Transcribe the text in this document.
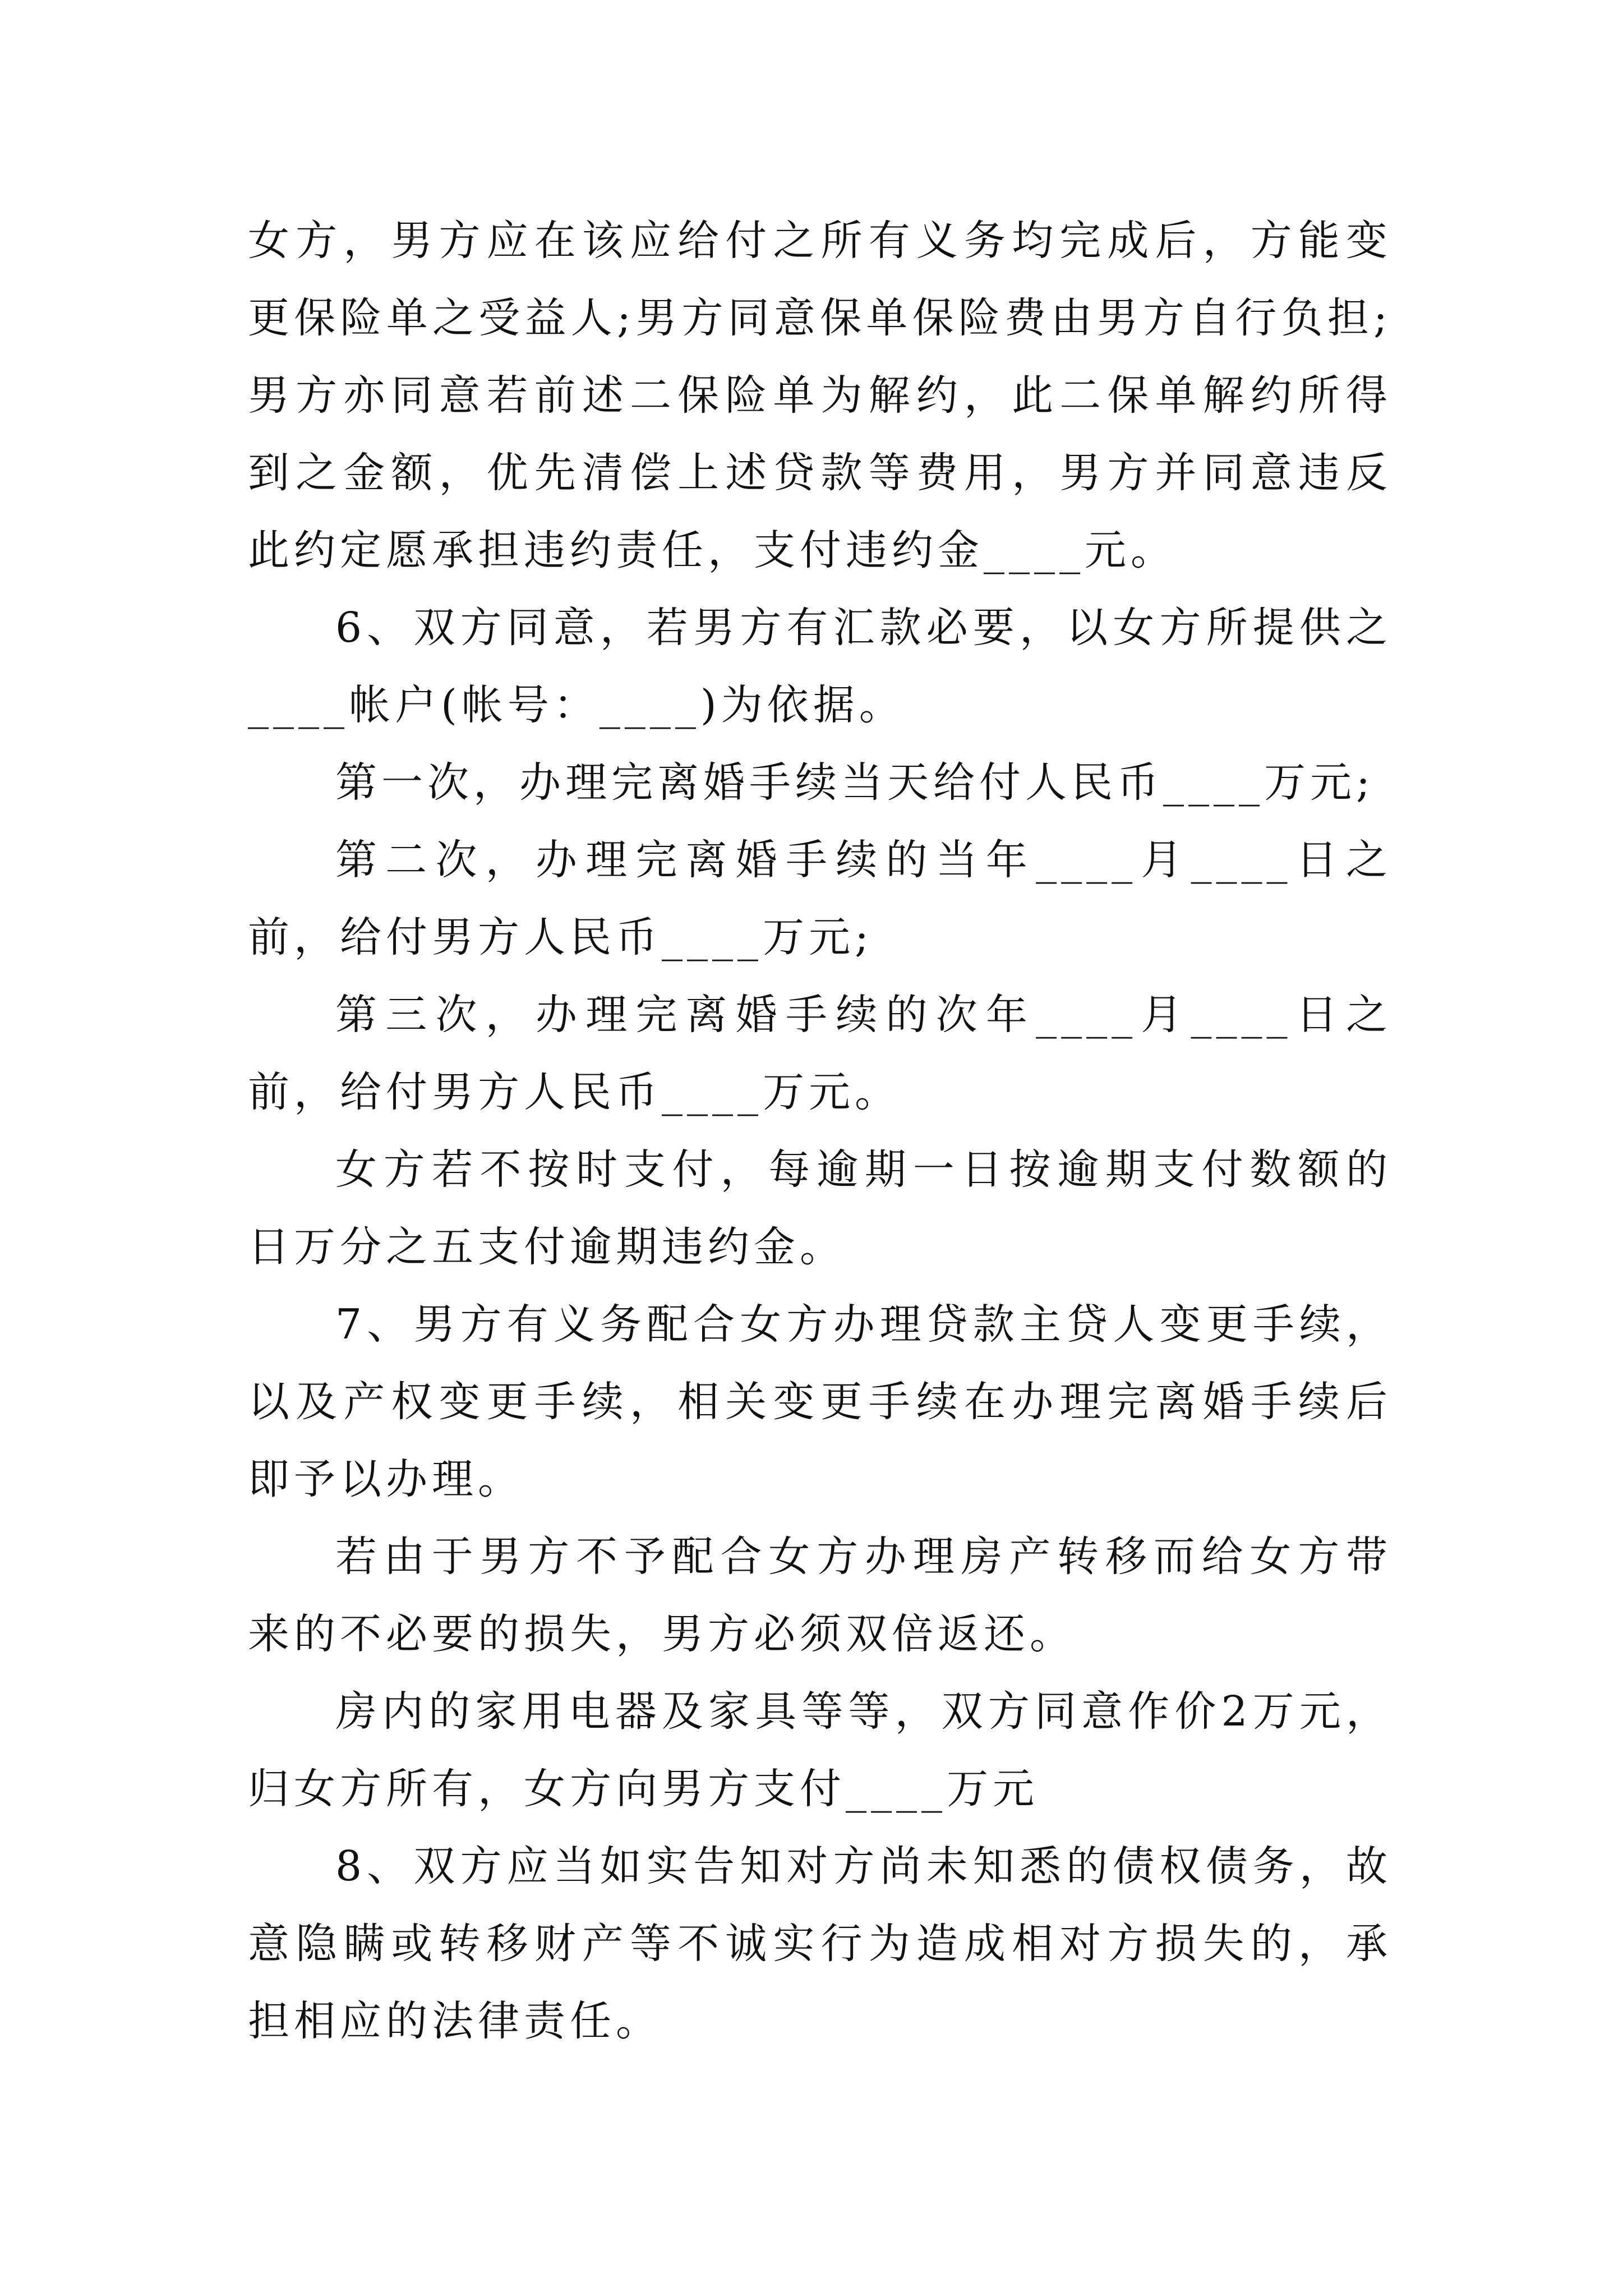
女方，男方应在该应给付之所有义务均完成后，方能变更保险单之受益人;男方同意保单保险费由男方自行负担;男方亦同意若前述二保险单为解约，此二保单解约所得到之金额，优先清偿上述贷款等费用，男方并同意违反此约定愿承担违约责任，支付违约金____元。

6、双方同意，若男方有汇款必要，以女方所提供之____帐户(帐号：____)为依据。

第一次，办理完离婚手续当天给付人民币____万元;

第二次，办理完离婚手续的当年____月____日之前，给付男方人民币____万元;

第三次，办理完离婚手续的次年____月____日之前，给付男方人民币____万元。

女方若不按时支付，每逾期一日按逾期支付数额的日万分之五支付逾期违约金。

7、男方有义务配合女方办理贷款主贷人变更手续，以及产权变更手续，相关变更手续在办理完离婚手续后即予以办理。

若由于男方不予配合女方办理房产转移而给女方带来的不必要的损失，男方必须双倍返还。

房内的家用电器及家具等等，双方同意作价2万元，归女方所有，女方向男方支付____万元

8、双方应当如实告知对方尚未知悉的债权债务，故意隐瞒或转移财产等不诚实行为造成相对方损失的，承担相应的法律责任。
